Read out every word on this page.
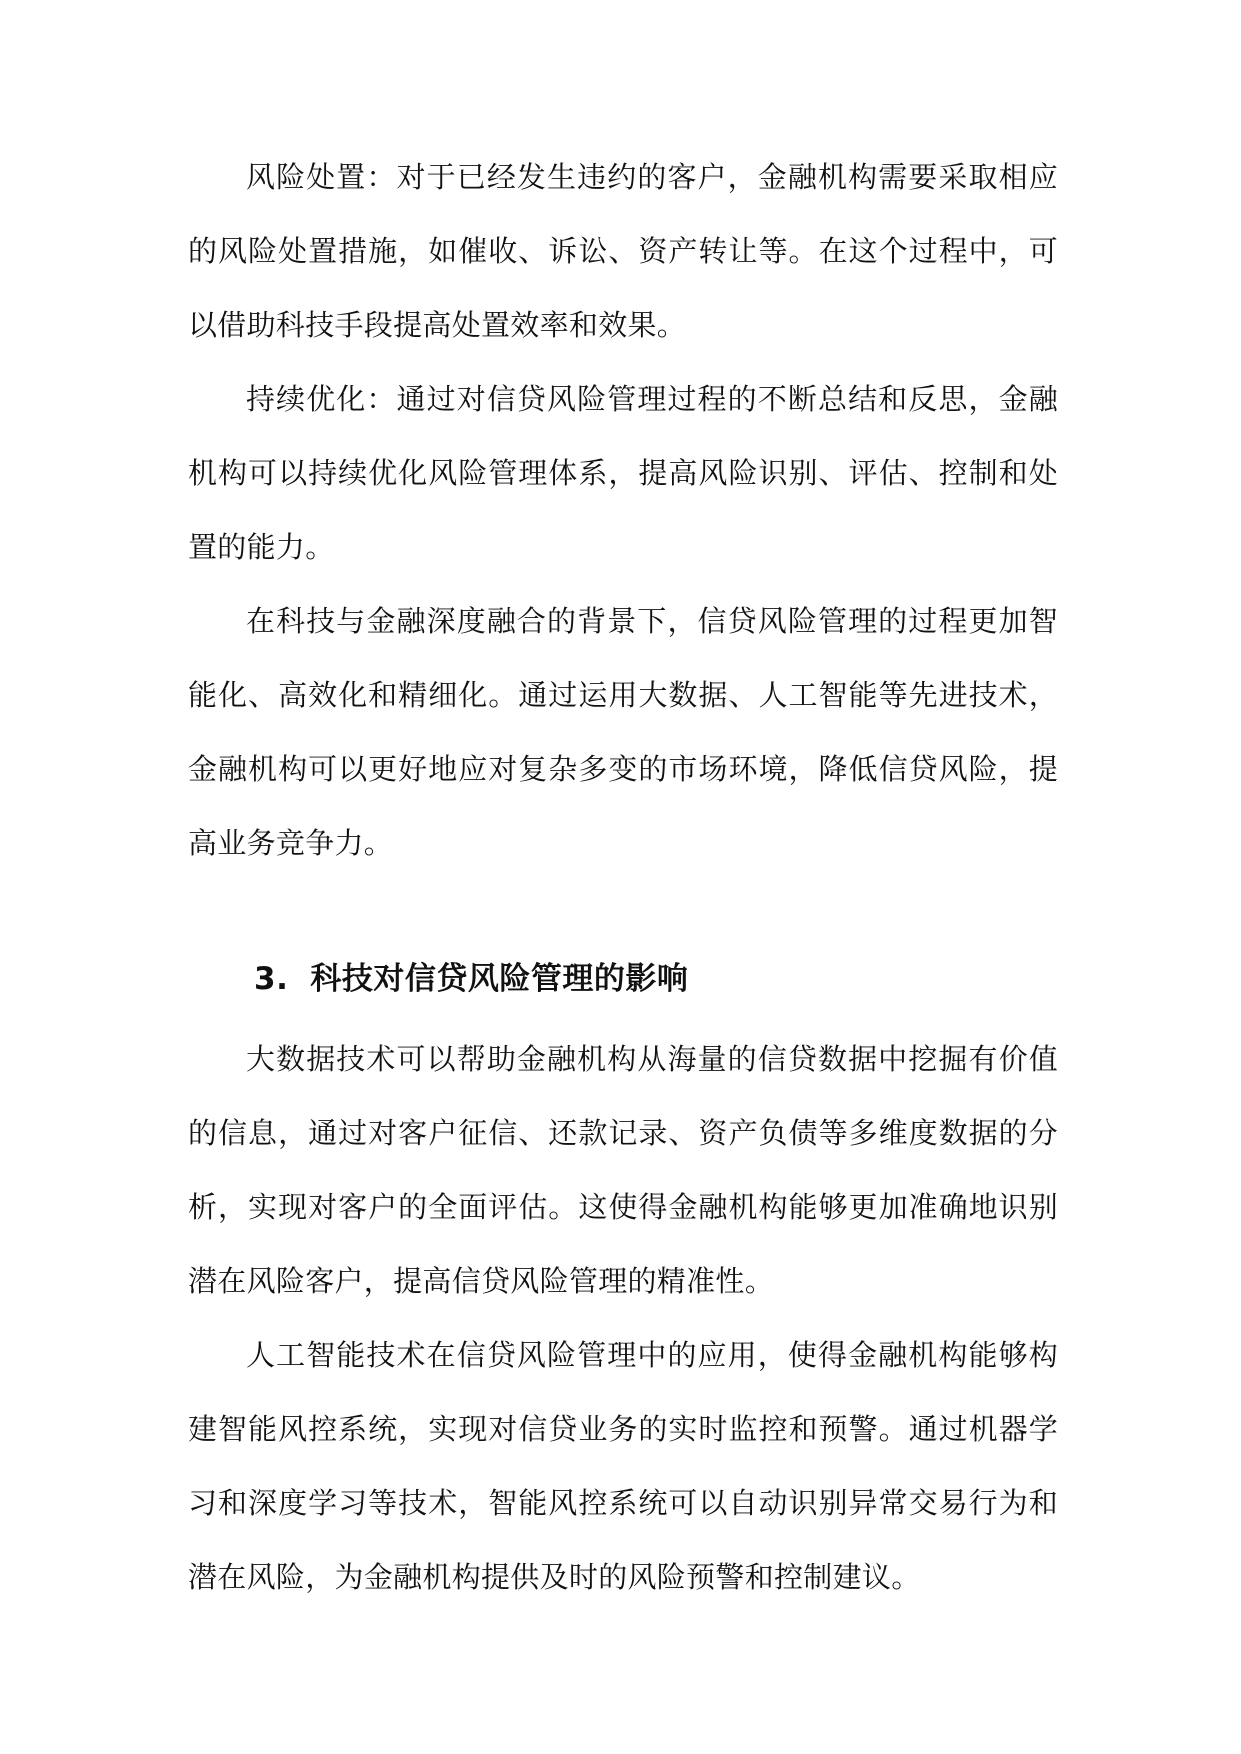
风险处置：对于已经发生违约的客户，金融机构需要采取相应的风险处置措施，如催收、诉讼、资产转让等。在这个过程中，可以借助科技手段提高处置效率和效果。

持续优化：通过对信贷风险管理过程的不断总结和反思，金融机构可以持续优化风险管理体系，提高风险识别、评估、控制和处置的能力。

在科技与金融深度融合的背景下，信贷风险管理的过程更加智能化、高效化和精细化。通过运用大数据、人工智能等先进技术，金融机构可以更好地应对复杂多变的市场环境，降低信贷风险，提高业务竞争力。

3. 科技对信贷风险管理的影响

大数据技术可以帮助金融机构从海量的信贷数据中挖掘有价值的信息，通过对客户征信、还款记录、资产负债等多维度数据的分析，实现对客户的全面评估。这使得金融机构能够更加准确地识别潜在风险客户，提高信贷风险管理的精准性。

人工智能技术在信贷风险管理中的应用，使得金融机构能够构建智能风控系统，实现对信贷业务的实时监控和预警。通过机器学习和深度学习等技术，智能风控系统可以自动识别异常交易行为和潜在风险，为金融机构提供及时的风险预警和控制建议。
